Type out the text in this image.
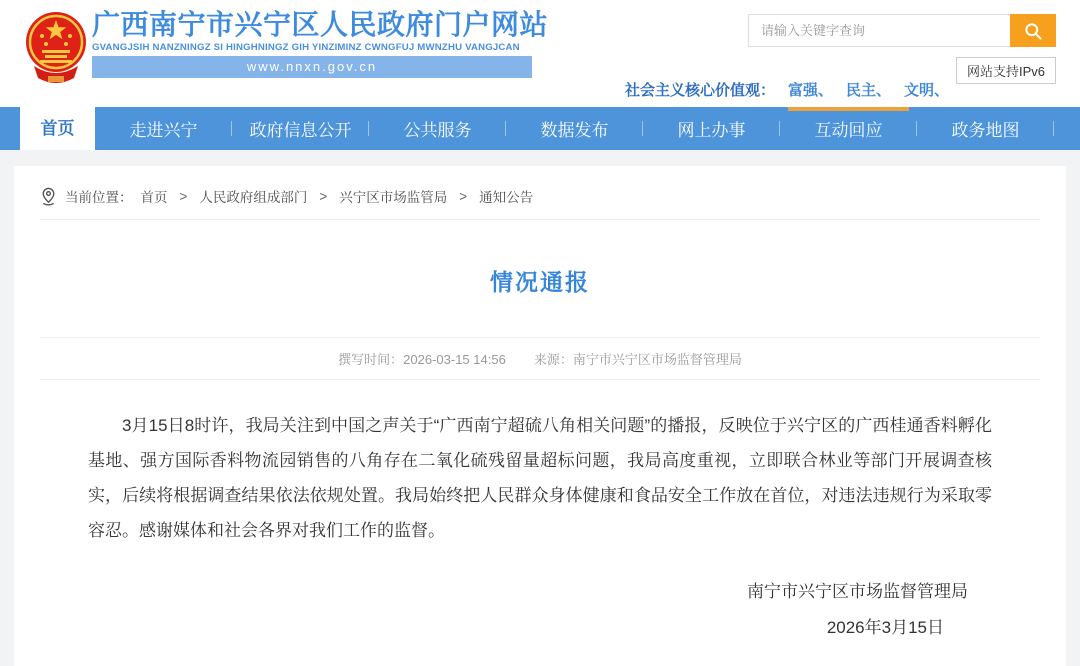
广西南宁市兴宁区人民政府门户网站
GVANGJSIH NANZNINGZ SI HINGHNINGZ GIH YINZIMINZ CWNGFUJ MWNZHU VANGJCAN
www.nnxn.gov.cn
请输入关键字查询	网站支持IPv6
社会主义核心价值观： 富强、 民主、 文明、
首页	走进兴宁	政府信息公开	公共服务	数据发布	网上办事	互动回应	政务地图
当前位置： 首页 > 人民政府组成部门 > 兴宁区市场监管局 > 通知公告
情况通报
撰写时间：2026-03-15 14:56 来源：南宁市兴宁区市场监督管理局

3月15日8时许，我局关注到中国之声关于“广西南宁超硫八角相关问题”的播报，反映位于兴宁区的广西桂通香料孵化基地、强方国际香料物流园销售的八角存在二氧化硫残留量超标问题，我局高度重视，立即联合林业等部门开展调查核实，后续将根据调查结果依法依规处置。我局始终把人民群众身体健康和食品安全工作放在首位，对违法违规行为采取零容忍。感谢媒体和社会各界对我们工作的监督。

南宁市兴宁区市场监督管理局
2026年3月15日
